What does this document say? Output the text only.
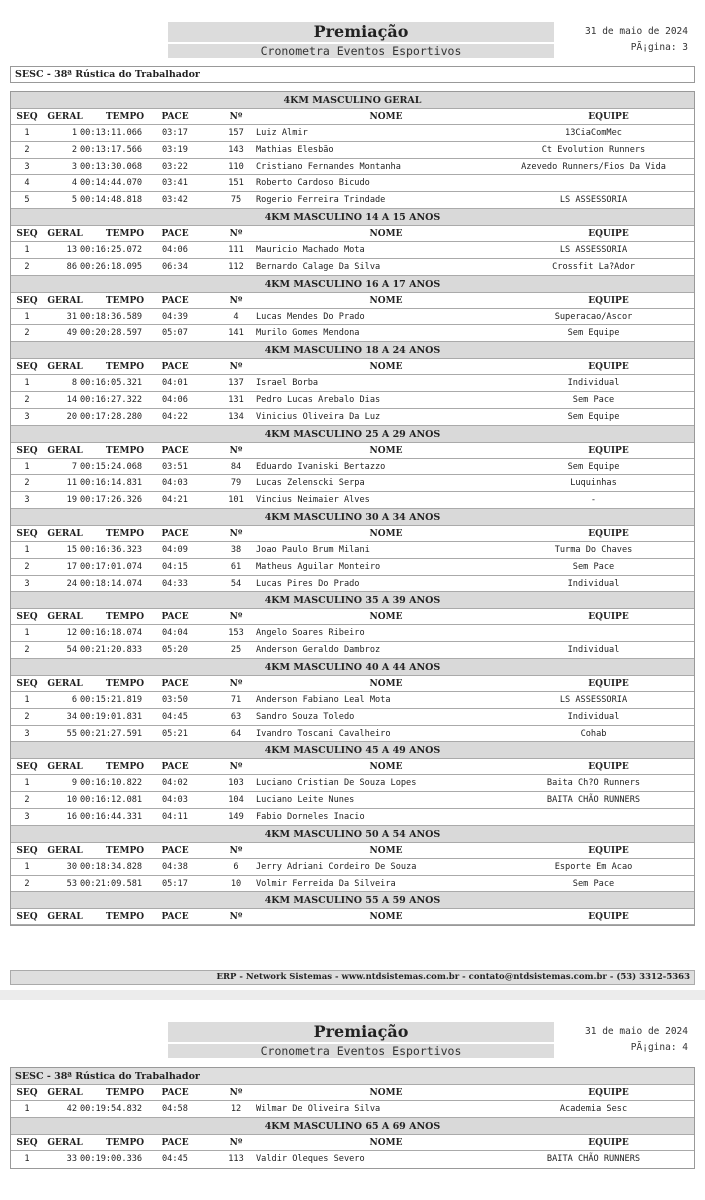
Premiação
Cronometra Eventos Esportivos
31 de maio de 2024
PÃ¡gina: 3
SESC - 38ª Rústica do Trabalhador
4KM MASCULINO GERAL
SEQ	GERAL	TEMPO	PACE	Nº	NOME	EQUIPE
1	1 00:13:11.066	03:17	157	Luiz Almir	13CiaComMec
2	2 00:13:17.566	03:19	143	Mathias Elesbão	Ct Evolution Runners
3	3 00:13:30.068	03:22	110	Cristiano Fernandes Montanha	Azevedo Runners/Fios Da Vida
4	4 00:14:44.070	03:41	151	Roberto Cardoso Bicudo
5	5 00:14:48.818	03:42	75	Rogerio Ferreira Trindade	LS ASSESSORIA
4KM MASCULINO 14 A 15 ANOS
SEQ	GERAL	TEMPO	PACE	Nº	NOME	EQUIPE
1	13 00:16:25.072	04:06	111	Mauricio Machado Mota	LS ASSESSORIA
2	86 00:26:18.095	06:34	112	Bernardo Calage Da Silva	Crossfit La?Ador
4KM MASCULINO 16 A 17 ANOS
SEQ	GERAL	TEMPO	PACE	Nº	NOME	EQUIPE
1	31 00:18:36.589	04:39	4	Lucas Mendes Do Prado	Superacao/Ascor
2	49 00:20:28.597	05:07	141	Murilo Gomes Mendona	Sem Equipe
4KM MASCULINO 18 A 24 ANOS
SEQ	GERAL	TEMPO	PACE	Nº	NOME	EQUIPE
1	8 00:16:05.321	04:01	137	Israel Borba	Individual
2	14 00:16:27.322	04:06	131	Pedro Lucas Arebalo Dias	Sem Pace
3	20 00:17:28.280	04:22	134	Vinicius Oliveira Da Luz	Sem Equipe
4KM MASCULINO 25 A 29 ANOS
SEQ	GERAL	TEMPO	PACE	Nº	NOME	EQUIPE
1	7 00:15:24.068	03:51	84	Eduardo Ivaniski Bertazzo	Sem Equipe
2	11 00:16:14.831	04:03	79	Lucas Zelenscki Serpa	Luquinhas
3	19 00:17:26.326	04:21	101	Vincius Neimaier Alves	-
4KM MASCULINO 30 A 34 ANOS
SEQ	GERAL	TEMPO	PACE	Nº	NOME	EQUIPE
1	15 00:16:36.323	04:09	38	Joao Paulo Brum Milani	Turma Do Chaves
2	17 00:17:01.074	04:15	61	Matheus Aguilar Monteiro	Sem Pace
3	24 00:18:14.074	04:33	54	Lucas Pires Do Prado	Individual
4KM MASCULINO 35 A 39 ANOS
SEQ	GERAL	TEMPO	PACE	Nº	NOME	EQUIPE
1	12 00:16:18.074	04:04	153	Angelo Soares Ribeiro
2	54 00:21:20.833	05:20	25	Anderson Geraldo Dambroz	Individual
4KM MASCULINO 40 A 44 ANOS
SEQ	GERAL	TEMPO	PACE	Nº	NOME	EQUIPE
1	6 00:15:21.819	03:50	71	Anderson Fabiano Leal Mota	LS ASSESSORIA
2	34 00:19:01.831	04:45	63	Sandro Souza Toledo	Individual
3	55 00:21:27.591	05:21	64	Ivandro Toscani Cavalheiro	Cohab
4KM MASCULINO 45 A 49 ANOS
SEQ	GERAL	TEMPO	PACE	Nº	NOME	EQUIPE
1	9 00:16:10.822	04:02	103	Luciano Cristian De Souza Lopes	Baita Ch?O Runners
2	10 00:16:12.081	04:03	104	Luciano Leite Nunes	BAITA CHÃO RUNNERS
3	16 00:16:44.331	04:11	149	Fabio Dorneles Inacio
4KM MASCULINO 50 A 54 ANOS
SEQ	GERAL	TEMPO	PACE	Nº	NOME	EQUIPE
1	30 00:18:34.828	04:38	6	Jerry Adriani Cordeiro De Souza	Esporte Em Acao
2	53 00:21:09.581	05:17	10	Volmir Ferreida Da Silveira	Sem Pace
4KM MASCULINO 55 A 59 ANOS
SEQ	GERAL	TEMPO	PACE	Nº	NOME	EQUIPE
ERP - Network Sistemas - www.ntdsistemas.com.br - contato@ntdsistemas.com.br - (53) 3312-5363
Premiação
Cronometra Eventos Esportivos
31 de maio de 2024
PÃ¡gina: 4
SESC - 38ª Rústica do Trabalhador
SEQ	GERAL	TEMPO	PACE	Nº	NOME	EQUIPE
1	42 00:19:54.832	04:58	12	Wilmar De Oliveira Silva	Academia Sesc
4KM MASCULINO 65 A 69 ANOS
SEQ	GERAL	TEMPO	PACE	Nº	NOME	EQUIPE
1	33 00:19:00.336	04:45	113	Valdir Oleques Severo	BAITA CHÃO RUNNERS
